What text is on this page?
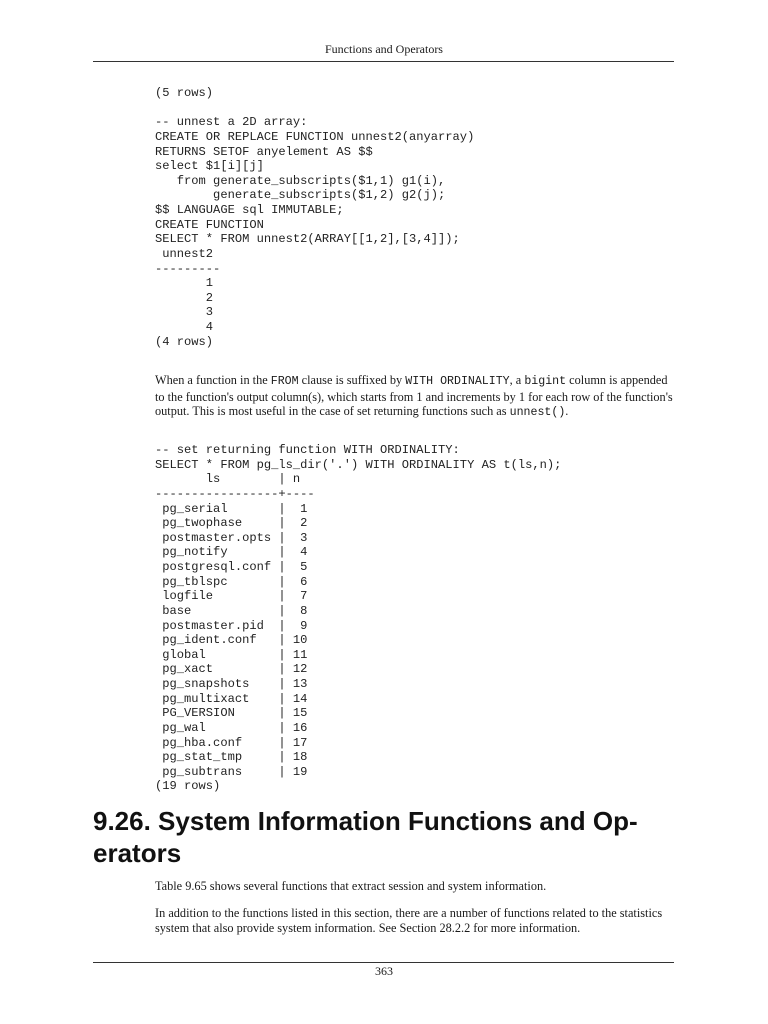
Functions and Operators
(5 rows)

-- unnest a 2D array:
CREATE OR REPLACE FUNCTION unnest2(anyarray)
RETURNS SETOF anyelement AS $$
select $1[i][j]
from generate_subscripts($1,1) g1(i),
generate_subscripts($1,2) g2(j);
$$ LANGUAGE sql IMMUTABLE;
CREATE FUNCTION
SELECT * FROM unnest2(ARRAY[[1,2],[3,4]]);
unnest2
---------
1
2
3
4
(4 rows)

When a function in the FROM clause is suffixed by WITH ORDINALITY, a bigint column is appended to the function's output column(s), which starts from 1 and increments by 1 for each row of the function's output. This is most useful in the case of set returning functions such as unnest().

-- set returning function WITH ORDINALITY:
SELECT * FROM pg_ls_dir('.') WITH ORDINALITY AS t(ls,n);
ls        | n
-----------------+----
pg_serial       |  1
pg_twophase     |  2
postmaster.opts |  3
pg_notify       |  4
postgresql.conf |  5
pg_tblspc       |  6
logfile         |  7
base            |  8
postmaster.pid  |  9
pg_ident.conf   | 10
global          | 11
pg_xact         | 12
pg_snapshots    | 13
pg_multixact    | 14
PG_VERSION      | 15
pg_wal          | 16
pg_hba.conf     | 17
pg_stat_tmp     | 18
pg_subtrans     | 19
(19 rows)
9.26. System Information Functions and Op- erators

Table 9.65 shows several functions that extract session and system information.

In addition to the functions listed in this section, there are a number of functions related to the statistics system that also provide system information. See Section 28.2.2 for more information.

363
